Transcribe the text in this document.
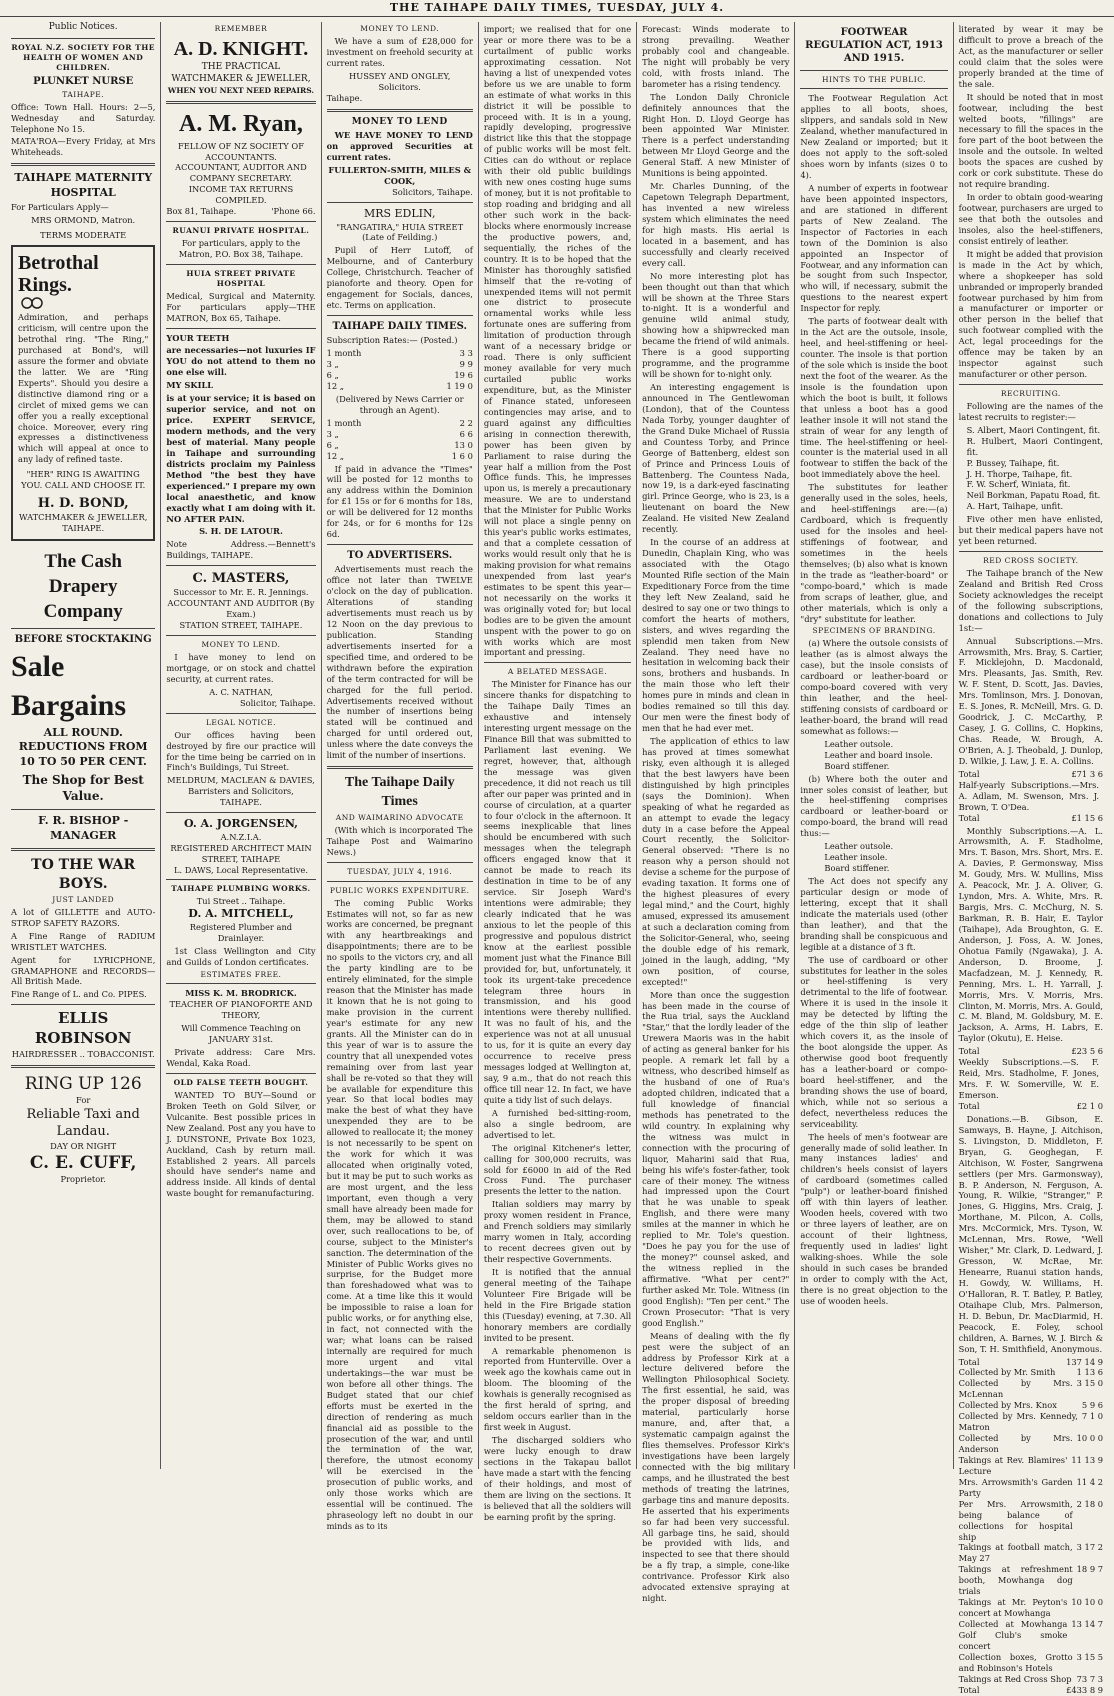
THE TAIHAPE DAILY TIMES, TUESDAY, JULY 4.
Public Notices.
ROYAL N.Z. SOCIETY FOR THE HEALTH OF WOMEN AND CHILDREN.
PLUNKET NURSE
TAIHAPE.

Office: Town Hall. Hours: 2—5, Wednesday and Saturday. Telephone No 15.

MATA'ROA—Every Friday, at Mrs Whiteheads.

TAIHAPE MATERNITY HOSPITAL

For Particulars Apply—

MRS ORMOND, Matron.
TERMS MODERATE
Betrothal Rings.

Admiration, and perhaps criticism, will centre upon the betrothal ring. "The Ring," purchased at Bond's, will assure the former and obviate the latter. We are "Ring Experts". Should you desire a distinctive diamond ring or a circlet of mixed gems we can offer you a really exceptional choice. Moreover, every ring expresses a distinctiveness which will appeal at once to any lady of refined taste.

"HER" RING IS AWAITING YOU. CALL AND CHOOSE IT.
H. D. BOND,
WATCHMAKER & JEWELLER, TAIHAPE.
The Cash Drapery Company
BEFORE STOCKTAKING
Sale
Bargains
ALL ROUND. REDUCTIONS FROM 10 TO 50 PER CENT.
The Shop for Best Value.
F. R. BISHOP - MANAGER
TO THE WAR BOYS.
JUST LANDED

A lot of GILLETTE and AUTO-STROP SAFETY RAZORS.

A Fine Range of RADIUM WRISTLET WATCHES.

Agent for LYRICPHONE, GRAMAPHONE and RECORDS—All British Made.

Fine Range of L. and Co. PIPES.

ELLIS ROBINSON
HAIRDRESSER .. TOBACCONIST.
RING UP 126
For
Reliable Taxi and Landau.
DAY OR NIGHT
C. E. CUFF,
Proprietor.
REMEMBER
A. D. KNIGHT.
THE PRACTICAL WATCHMAKER & JEWELLER,
WHEN YOU NEXT NEED REPAIRS.
A. M. Ryan,
FELLOW OF NZ SOCIETY OF ACCOUNTANTS.
ACCOUNTANT, AUDITOR AND COMPANY SECRETARY.
INCOME TAX RETURNS COMPILED.
Box 81, Taihape.	'Phone 66.
RUANUI PRIVATE HOSPITAL.

For particulars, apply to the Matron, P.O. Box 38, Taihape.

HUIA STREET PRIVATE HOSPITAL

Medical, Surgical and Maternity. For particulars apply—THE MATRON, Box 65, Taihape.

YOUR TEETH

are necessaries—not luxuries IF YOU do not attend to them no one else will.

MY SKILL

is at your service; it is based on superior service, and not on price. EXPERT SERVICE, modern methods, and the very best of material. Many people in Taihape and surrounding districts proclaim my Painless Method "the best they have experienced." I prepare my own local anaesthetic, and know exactly what I am doing with it. NO AFTER PAIN.

S. H. DE LATOUR.

Note Address.—Bennett's Buildings, TAIHAPE.

C. MASTERS,
Successor to Mr. E. R. Jennings.
ACCOUNTANT AND AUDITOR (By Exam.)
STATION STREET, TAIHAPE.
MONEY TO LEND.

I have money to lend on mortgage, or on stock and chattel security, at current rates.

A. C. NATHAN,
Solicitor, Taihape.
LEGAL NOTICE.

Our offices having been destroyed by fire our practice will for the time being be carried on in Finch's Buildings, Tui Street.

MELDRUM, MACLEAN & DAVIES, Barristers and Solicitors, TAIHAPE.

O. A. JORGENSEN,
A.N.Z.I.A.
REGISTERED ARCHITECT MAIN STREET, TAIHAPE
L. DAWS, Local Representative.
TAIHAPE PLUMBING WORKS.
Tui Street .. Taihape.
D. A. MITCHELL,
Registered Plumber and Drainlayer.

1st Class Wellington and City and Guilds of London certificates.

ESTIMATES FREE.
MISS K. M. BRODRICK.
TEACHER OF PIANOFORTE AND THEORY,

Will Commence Teaching on JANUARY 31st.

Private address: Care Mrs. Wendal, Kaka Road.

OLD FALSE TEETH BOUGHT.

WANTED TO BUY—Sound or Broken Teeth on Gold Silver, or Vulcanite. Best possible prices in New Zealand. Post any you have to J. DUNSTONE, Private Box 1023, Auckland, Cash by return mail. Established 2 years. All parcels should have sender's name and address inside. All kinds of dental waste bought for remanufacturing.

MONEY TO LEND.

We have a sum of £28,000 for investment on freehold security at current rates.

HUSSEY AND ONGLEY, Solicitors.
Taihape.
MONEY TO LEND

WE HAVE MONEY TO LEND on approved Securities at current rates.

FULLERTON-SMITH, MILES & COOK,
Solicitors, Taihape.
MRS EDLIN,
"RANGATIRA," HUIA STREET
(Late of Feilding.)

Pupil of Herr Lutoff, of Melbourne, and of Canterbury College, Christchurch. Teacher of pianoforte and theory. Open for engagement for Socials, dances, etc. Terms on application.

TAIHAPE DAILY TIMES.

Subscription Rates:— (Posted.)

1 month	3 3
3 „	9 9
6 „	19 6
12 „	1 19 0

(Delivered by News Carrier or through an Agent).

1 month	2 2
3 „	6 6
6 „	13 0
12 „	1 6 0

If paid in advance the "Times" will be posted for 12 months to any address within the Dominion for £1 15s or for 6 months for 18s, or will be delivered for 12 months for 24s, or for 6 months for 12s 6d.

TO ADVERTISERS.

Advertisements must reach the office not later than TWELVE o'clock on the day of publication. Alterations of standing advertisements must reach us by 12 Noon on the day previous to publication. Standing advertisements inserted for a specified time, and ordered to be withdrawn before the expiration of the term contracted for will be charged for the full period. Advertisements received without the number of insertions being stated will be continued and charged for until ordered out, unless where the date conveys the limit of the number of insertions.

The Taihape Daily Times
AND WAIMARINO ADVOCATE

(With which is incorporated The Taihape Post and Waimarino News.)

TUESDAY, JULY 4, 1916.
PUBLIC WORKS EXPENDITURE.

The coming Public Works Estimates will not, so far as new works are concerned, be pregnant with any heartbreakings and disappointments; there are to be no spoils to the victors cry, and all the party kindling are to be entirely eliminated, for the simple reason that the Minister has made it known that he is not going to make provision in the current year's estimate for any new grants. All the Minister can do in this year of war is to assure the country that all unexpended votes remaining over from last year shall be re-voted so that they will be available for expenditure this year. So that local bodies may make the best of what they have unexpended they are to be allowed to reallocate it; the money is not necessarily to be spent on the work for which it was allocated when originally voted, but it may be put to such works as are most urgent, and the less important, even though a very small have already been made for them, may be allowed to stand over, such reallocations to be, of course, subject to the Minister's sanction. The determination of the Minister of Public Works gives no surprise, for the Budget more than foreshadowed what was to come. At a time like this it would be impossible to raise a loan for public works, or for anything else, in fact, not connected with the war; what loans can be raised internally are required for much more urgent and vital undertakings—the war must be won before all other things. The Budget stated that our chief efforts must be exerted in the direction of rendering as much financial aid as possible to the prosecution of the war, and until the termination of the war, therefore, the utmost economy will be exercised in the prosecution of public works, and only those works which are essential will be continued. The phraseology left no doubt in our minds as to its

import; we realised that for one year or more there was to be a curtailment of public works approximating cessation. Not having a list of unexpended votes before us we are unable to form an estimate of what works in this district it will be possible to proceed with. It is in a young, rapidly developing, progressive district like this that the stoppage of public works will be most felt. Cities can do without or replace with their old public buildings with new ones costing huge sums of money, but it is not profitable to stop roading and bridging and all other such work in the back-blocks where enormously increase the productive powers, and, sequentially, the riches of the country. It is to be hoped that the Minister has thoroughly satisfied himself that the re-voting of unexpended items will not permit one district to prosecute ornamental works while less fortunate ones are suffering from limitation of production through want of a necessary bridge or road. There is only sufficient money available for very much curtailed public works expenditure, but, as the Minister of Finance stated, unforeseen contingencies may arise, and to guard against any difficulties arising in connection therewith, power has been given by Parliament to raise during the year half a million from the Post Office funds. This, he impresses upon us, is merely a precautionary measure. We are to understand that the Minister for Public Works will not place a single penny on this year's public works estimates, and that a complete cessation of works would result only that he is making provision for what remains unexpended from last year's estimates to be spent this year—not necessarily on the works it was originally voted for; but local bodies are to be given the amount unspent with the power to go on with works which are most important and pressing.

A BELATED MESSAGE.

The Minister for Finance has our sincere thanks for dispatching to the Taihape Daily Times an exhaustive and intensely interesting urgent message on the Finance Bill that was submitted to Parliament last evening. We regret, however, that, although the message was given precedence, it did not reach us till after our paper was printed and in course of circulation, at a quarter to four o'clock in the afternoon. It seems inexplicable that lines should be encumbered with such messages when the telegraph officers engaged know that it cannot be made to reach its destination in time to be of any service. Sir Joseph Ward's intentions were admirable; they clearly indicated that he was anxious to let the people of this progressive and populous district know at the earliest possible moment just what the Finance Bill provided for, but, unfortunately, it took its urgent-take precedence telegram three hours in transmission, and his good intentions were thereby nullified. It was no fault of his, and the experience was not at all unusual to us, for it is quite an every day occurrence to receive press messages lodged at Wellington at, say, 9 a.m., that do not reach this office till near 12. In fact, we have quite a tidy list of such delays.

A furnished bed-sitting-room, also a single bedroom, are advertised to let.

The original Kitchener's letter, calling for 300,000 recruits, was sold for £6000 in aid of the Red Cross Fund. The purchaser presents the letter to the nation.

Italian soldiers may marry by proxy women resident in France, and French soldiers may similarly marry women in Italy, according to recent decrees given out by their respective Governments.

It is notified that the annual general meeting of the Taihape Volunteer Fire Brigade will be held in the Fire Brigade station this (Tuesday) evening, at 7.30. All honorary members are cordially invited to be present.

A remarkable phenomenon is reported from Hunterville. Over a week ago the kowhais came out in bloom. The blooming of the kowhais is generally recognised as the first herald of spring, and seldom occurs earlier than in the first week in August.

The discharged soldiers who were lucky enough to draw sections in the Takapau ballot have made a start with the fencing of their holdings, and most of them are living on the sections. It is believed that all the soldiers will be earning profit by the spring.

Forecast: Winds moderate to strong prevailing. Weather probably cool and changeable. The night will probably be very cold, with frosts inland. The barometer has a rising tendency.

The London Daily Chronicle definitely announces that the Right Hon. D. Lloyd George has been appointed War Minister. There is a perfect understanding between Mr Lloyd George and the General Staff. A new Minister of Munitions is being appointed.

Mr. Charles Dunning, of the Capetown Telegraph Department, has invented a new wireless system which eliminates the need for high masts. His aerial is located in a basement, and has successfully and clearly received every call.

No more interesting plot has been thought out than that which will be shown at the Three Stars to-night. It is a wonderful and genuine wild animal study, showing how a shipwrecked man became the friend of wild animals. There is a good supporting programme, and the programme will be shown for to-night only.

An interesting engagement is announced in The Gentlewoman (London), that of the Countess Nada Torby, younger daughter of the Grand Duke Michael of Russia and Countess Torby, and Prince George of Battenberg, eldest son of Prince and Princess Louis of Battenberg. The Countess Nada, now 19, is a dark-eyed fascinating girl. Prince George, who is 23, is a lieutenant on board the New Zealand. He visited New Zealand recently.

In the course of an address at Dunedin, Chaplain King, who was associated with the Otago Mounted Rifle section of the Main Expeditionary Force from the time they left New Zealand, said he desired to say one or two things to comfort the hearts of mothers, sisters, and wives regarding the splendid men taken from New Zealand. They need have no hesitation in welcoming back their sons, brothers and husbands. In the main those who left their homes pure in minds and clean in bodies remained so till this day. Our men were the finest body of men that he had ever met.

The application of ethics to law has proved at times somewhat risky, even although it is alleged that the best lawyers have been distinguished by high principles (says the Dominion). When speaking of what he regarded as an attempt to evade the legacy duty in a case before the Appeal Court recently, the Solicitor-General observed: "There is no reason why a person should not devise a scheme for the purpose of evading taxation. It forms one of the highest pleasures of every legal mind," and the Court, highly amused, expressed its amusement at such a declaration coming from the Solicitor-General, who, seeing the double edge of his remark, joined in the laugh, adding, "My own position, of course, excepted!"

More than once the suggestion has been made in the course of the Rua trial, says the Auckland "Star," that the lordly leader of the Urewera Maoris was in the habit of acting as general banker for his people. A remark let fall by a witness, who described himself as the husband of one of Rua's adopted children, indicated that a full knowledge of financial methods has penetrated to the wild country. In explaining why the witness was mulct in connection with the procuring of liquor, Maharini said that Rua, being his wife's foster-father, took care of their money. The witness had impressed upon the Court that he was unable to speak English, and there were many smiles at the manner in which he replied to Mr. Tole's question. "Does he pay you for the use of the money?" counsel asked, and the witness replied in the affirmative. "What per cent?" further asked Mr. Tole. Witness (in good English): "Ten per cent." The Crown Prosecutor: "That is very good English."

Means of dealing with the fly pest were the subject of an address by Professor Kirk at a lecture delivered before the Wellington Philosophical Society. The first essential, he said, was the proper disposal of breeding material, particularly horse manure, and, after that, a systematic campaign against the flies themselves. Professor Kirk's investigations have been largely connected with the big military camps, and he illustrated the best methods of treating the latrines, garbage tins and manure deposits. He asserted that his experiments so far had been very successful. All garbage tins, he said, should be provided with lids, and inspected to see that there should be a fly trap, a simple, cone-like contrivance. Professor Kirk also advocated extensive spraying at night.

FOOTWEAR REGULATION ACT, 1913 AND 1915.
HINTS TO THE PUBLIC.

The Footwear Regulation Act applies to all boots, shoes, slippers, and sandals sold in New Zealand, whether manufactured in New Zealand or imported; but it does not apply to the soft-soled shoes worn by infants (sizes 0 to 4).

A number of experts in footwear have been appointed inspectors, and are stationed in different parts of New Zealand. The Inspector of Factories in each town of the Dominion is also appointed an Inspector of Footwear, and any information can be sought from such Inspector, who will, if necessary, submit the questions to the nearest expert Inspector for reply.

The parts of footwear dealt with in the Act are the outsole, insole, heel, and heel-stiffening or heel-counter. The insole is that portion of the sole which is inside the boot next the foot of the wearer. As the insole is the foundation upon which the boot is built, it follows that unless a boot has a good leather insole it will not stand the strain of wear for any length of time. The heel-stiffening or heel-counter is the material used in all footwear to stiffen the back of the boot immediately above the heel.

The substitutes for leather generally used in the soles, heels, and heel-stiffenings are:—(a) Cardboard, which is frequently used for the insoles and heel-stiffenings of footwear, and sometimes in the heels themselves; (b) also what is known in the trade as "leather-board" or "compo-board," which is made from scraps of leather, glue, and other materials, which is only a "dry" substitute for leather.

SPECIMENS OF BRANDING.

(a) Where the outsole consists of leather (as is almost always the case), but the insole consists of cardboard or leather-board or compo-board covered with very thin leather, and the heel-stiffening consists of cardboard or leather-board, the brand will read somewhat as follows:—

Leather outsole.
Leather and board insole.
Board stiffener.

(b) Where both the outer and inner soles consist of leather, but the heel-stiffening comprises cardboard or leather-board or compo-board, the brand will read thus:—

Leather outsole.
Leather insole.
Board stiffener.

The Act does not specify any particular design or mode of lettering, except that it shall indicate the materials used (other than leather), and that the branding shall be conspicuous and legible at a distance of 3 ft.

The use of cardboard or other substitutes for leather in the soles or heel-stiffening is very detrimental to the life of footwear. Where it is used in the insole it may be detected by lifting the edge of the thin slip of leather which covers it, as the insole of the boot alongside the upper. As otherwise good boot frequently has a leather-board or compo-board heel-stiffener, and the branding shows the use of board, which, while not so serious a defect, nevertheless reduces the serviceability.

The heels of men's footwear are generally made of solid leather. In many instances ladies' and children's heels consist of layers of cardboard (sometimes called "pulp") or leather-board finished off with thin layers of leather. Wooden heels, covered with two or three layers of leather, are on account of their lightness, frequently used in ladies' light walking-shoes. While the sole should in such cases be branded in order to comply with the Act, there is no great objection to the use of wooden heels.

literated by wear it may be difficult to prove a breach of the Act, as the manufacturer or seller could claim that the soles were properly branded at the time of the sale.

It should be noted that in most footwear, including the best welted boots, "fillings" are necessary to fill the spaces in the fore part of the boot between the insole and the outsole. In welted boots the spaces are cushed by cork or cork substitute. These do not require branding.

In order to obtain good-wearing footwear, purchasers are urged to see that both the outsoles and insoles, also the heel-stiffeners, consist entirely of leather.

It might be added that provision is made in the Act by which, where a shopkeeper has sold unbranded or improperly branded footwear purchased by him from a manufacturer or importer or other person in the belief that such footwear complied with the Act, legal proceedings for the offence may be taken by an inspector against such manufacturer or other person.

RECRUITING.

Following are the names of the latest recruits to register:—

S. Albert, Maori Contingent, fit.
R. Hulbert, Maori Contingent, fit.
P. Bussey, Taihape, fit.
J. H. Thorpe, Taihape, fit.
F. W. Scherf, Winiata, fit.
Neil Borkman, Papatu Road, fit.
A. Hart, Taihape, unfit.

Five other men have enlisted, but their medical papers have not yet been returned.

RED CROSS SOCIETY.

The Taihape branch of the New Zealand and British Red Cross Society acknowledges the receipt of the following subscriptions, donations and collections to July 1st:—

Annual Subscriptions.—Mrs. Arrowsmith, Mrs. Bray, S. Cartier, F. Micklejohn, D. Macdonald, Mrs. Pleasants, Jas. Smith, Rev. W. F. Stent, D. Scott, Jas. Davies, Mrs. Tomlinson, Mrs. J. Donovan, E. S. Jones, R. McNeill, Mrs. G. D. Goodrick, J. C. McCarthy, P. Casey, J. G. Collins, C. Hopkins, Chas. Reade, W. Brough, A. O'Brien, A. J. Theobald, J. Dunlop, D. Wilkie, J. Law, J. E. A. Collins.

Total	£71 3 6
Half-yearly Subscriptions.—Mrs. A. Adlam, M. Swenson, Mrs. J. Brown, T. O'Dea.
Total	£1 15 6

Monthly Subscriptions.—A. L. Arrowsmith, A. F. Stadholme, Mrs. T. Bason, Mrs. Short, Mrs. E. A. Davies, P. Germonsway, Miss M. Goudy, Mrs. W. Mullins, Miss A. Peacock, Mr. J. A. Oliver, G. Lyndon, Mrs. A. White, Mrs. R. Bargis, Mrs. C. McChurg, N. S. Barkman, R. B. Hair, E. Taylor (Taihape), Ada Broughton, G. E. Anderson, J. Foss, A. W. Jones, Ohotua Family (Ngawaka), J. A. Anderson, D. Broome, J. Macfadzean, M. J. Kennedy, R. Penning, Mrs. L. H. Yarrall, J. Morris, Mrs. V. Morris, Mrs. Clinton, M. Morris, Mrs. A. Gould, C. M. Bland, M. Goldsbury, M. E. Jackson, A. Arms, H. Labrs, E. Taylor (Okutu), E. Heise.

Total	£23 5 6
Weekly Subscriptions.—S. F. Reid, Mrs. Stadholme, F. Jones, Mrs. F. W. Somerville, W. E. Emerson.
Total	£2 1 0

Donations.—B. Gibson, E. Samways, B. Hayne, J. Aitchison, S. Livingston, D. Middleton, F. Bryan, G. Geoghegan, F. Aitchison, W. Foster, Sangrwena settlers (per Mrs. Garmonsway), B. P. Anderson, N. Ferguson, A. Young, R. Wilkie, "Stranger," P. Jones, G. Higgins, Mrs. Craig, J. Morthane, M. Pilcon, A. Colls, Mrs. McCormick, Mrs. Tyson, W. McLennan, Mrs. Rowe, "Well Wisher," Mr. Clark, D. Ledward, J. Gresson, W. McRae, Mr. Henearre, Ruanui station hands, H. Gowdy, W. Williams, H. O'Halloran, R. T. Batley, P. Batley, Otaihape Club, Mrs. Palmerson, H. D. Bebun, Dr. MacDiarmid, H. Peacock, E. Foley, school children, A. Barnes, W. J. Birch & Son, T. H. Smithfield, Anonymous.

Total	137 14 9
Collected by Mr. Smith	1 13 6
Collected by Mrs. McLennan
3 15 0
Collected by Mrs. Knox	5 9 6
Collected by Mrs. Kennedy, Matron
7 1 0
Collected by Mrs. Anderson
10 0 0
Takings at Rev. Blamires' Lecture
11 13 9
Mrs. Arrowsmith's Garden Party
11 4 2
Per Mrs. Arrowsmith, being balance of collections for hospital ship
2 18 0
Takings at football match, May 27
3 17 2
Takings at refreshment booth, Mowhanga dog trials
18 9 7
Takings at Mr. Peyton's concert at Mowhanga
10 10 0
Collected at Mowhanga Golf Club's smoke concert
13 14 7
Collection boxes, Grotto and Robinson's Hotels
3 15 5
Takings at Red Cross Shop 73 7 3
Total	£433 8 9
